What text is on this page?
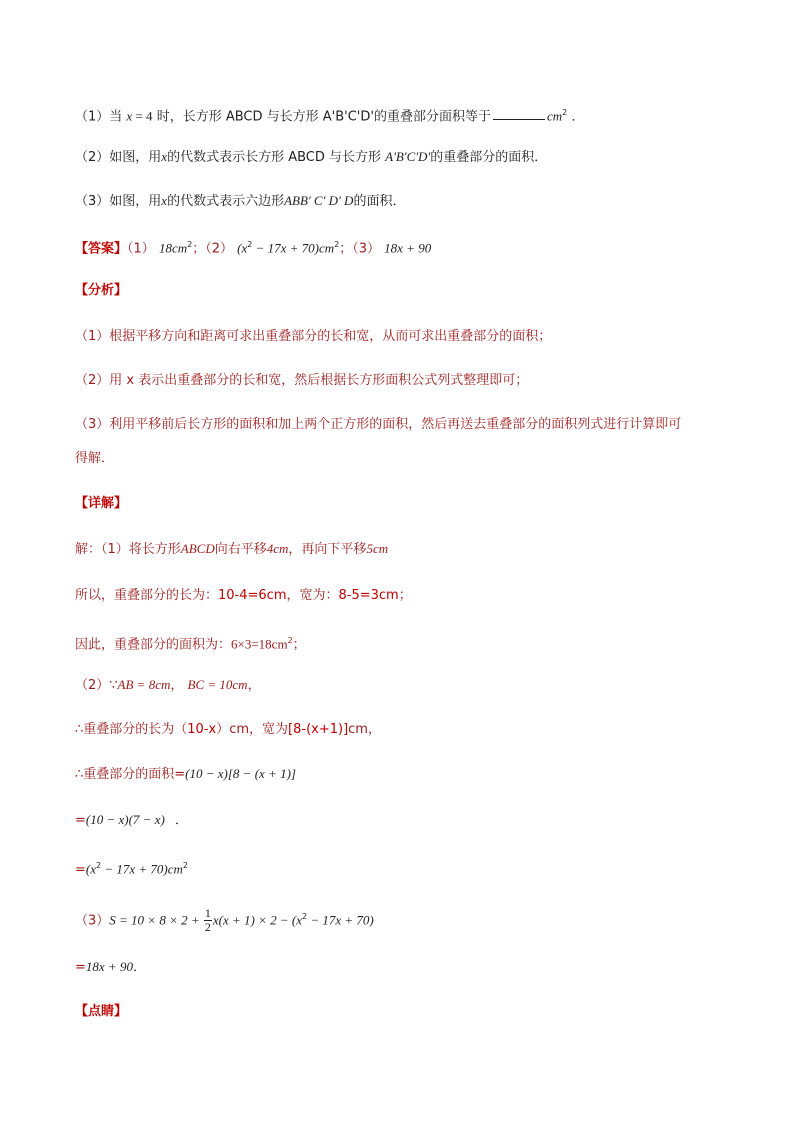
（1）当 x = 4 时，长方形 ABCD 与长方形 A'B'C'D'的重叠部分面积等于	$cm^2$ ．
（2）如图，用x的代数式表示长方形 ABCD 与长方形 A'B'C'D'的重叠部分的面积．
（3）如图，用x的代数式表示六边形ABB' C' D' D的面积．
【答案】（1） $18cm^2$；（2） $(x^2 - 17x + 70)cm^2$；（3） 18x + 90
【分析】
（1）根据平移方向和距离可求出重叠部分的长和宽，从而可求出重叠部分的面积；
（2）用 x 表示出重叠部分的长和宽，然后根据长方形面积公式列式整理即可；
（3）利用平移前后长方形的面积和加上两个正方形的面积，然后再送去重叠部分的面积列式进行计算即可
得解．
【详解】
解：（1）将长方形ABCD向右平移4cm，再向下平移5cm
所以，重叠部分的长为：10-4=6cm，宽为：8-5=3cm；
因此，重叠部分的面积为：$6\times 3=18cm^2$；
（2）∵AB = 8cm， BC = 10cm，
∴重叠部分的长为（10-x）cm，宽为[8-(x+1)]cm，
∴重叠部分的面积=(10 − x)[8 − (x + 1)]
=(10 − x)(7 − x) ．
$=(x^2 - 17x + 70)cm^2$
$(3)S = 10 \times 8 \times 2 + \frac{1}{2} x(x + 1) \times 2 - (x^2 - 17x + 70)$
=18x + 90．
【点睛】
